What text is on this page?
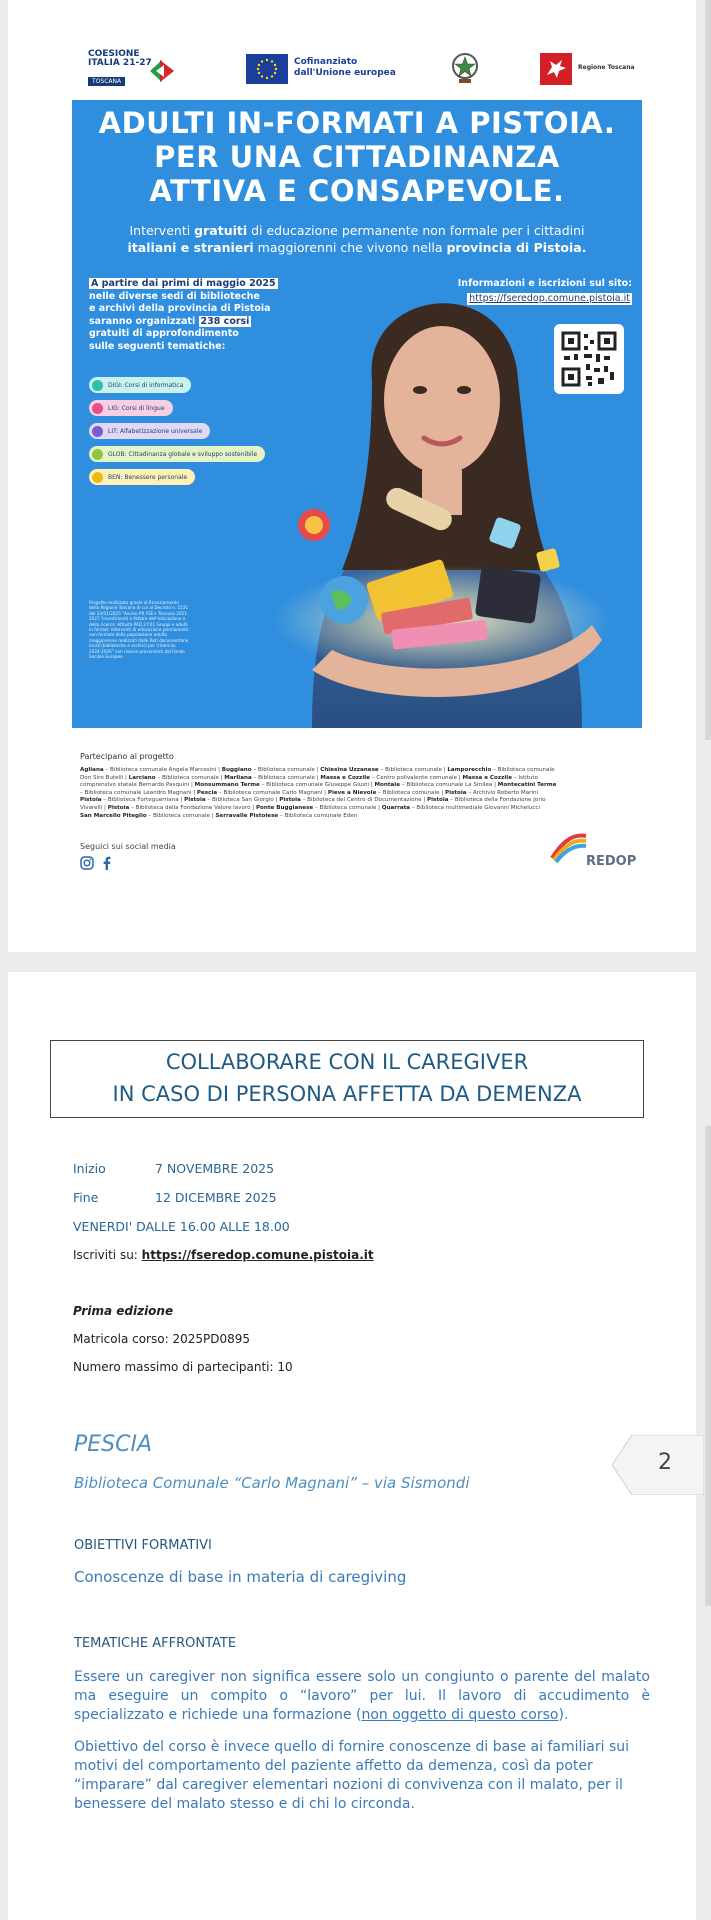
COESIONE
ITALIA 21-27
TOSCANA
Cofinanziato
dall'Unione europea
Regione Toscana
ADULTI IN-FORMATI A PISTOIA.
PER UNA CITTADINANZA
ATTIVA E CONSAPEVOLE.
Interventi gratuiti di educazione permanente non formale per i cittadini
italiani e stranieri maggiorenni che vivono nella provincia di Pistoia.
A partire dai primi di maggio 2025
nelle diverse sedi di biblioteche
e archivi della provincia di Pistoia
saranno organizzati 238 corsi
gratuiti di approfondimento
sulle seguenti tematiche:
Informazioni e iscrizioni sul sito:
https://fseredop.comune.pistoia.it
DIGI: Corsi di informatica
LIG: Corsi di lingue
LIT: Alfabetizzazione universale
GLOB: Cittadinanza globale e sviluppo sostenibile
BEN: Benessere personale
Progetto realizzato grazie al finanziamento della Regione Toscana di cui al Decreto n. 1531 del 24/01/2025 "Avviso PR FSE+ Toscana 2021-2027 'Investimenti e fattore dell'educazione e della ricerca' Attività PAD 2.f.01 Gruppi e adulti in format: interventi di educazione permanente non formale della popolazione adulta maggiorenne realizzati dalle Reti documentarie locali (biblioteche e archivi) per il biennio 2024-2026" con risorse provenienti dal Fondo Sociale Europeo
Partecipano al progetto
Agliana – Biblioteca comunale Angela Marcesini | Buggiano – Biblioteca comunale | Chiesina Uzzanese – Biblioteca comunale | Lamporecchio – Biblioteca comunale
Don Siro Butelli | Larciano – Biblioteca comunale | Marliana – Biblioteca comunale | Massa e Cozzile – Centro polivalente comunale | Massa e Cozzile – Istituto
comprensivo statale Bernardo Pasquini | Monsummano Terme – Biblioteca comunale Giuseppe Giusti | Montale – Biblioteca comunale La Smilea | Montecatini Terme
– Biblioteca comunale Leandro Magnani | Pescia – Biblioteca comunale Carlo Magnani | Pieve a Nievole – Biblioteca comunale | Pistoia – Archivio Roberto Marini
Pistoia – Biblioteca Forteguerriana | Pistoia – Biblioteca San Giorgio | Pistoia – Biblioteca del Centro di Documentazione | Pistoia – Biblioteca della Fondazione Jorio
Vivarelli | Pistoia – Biblioteca della Fondazione Valore lavoro | Ponte Buggianese – Biblioteca comunale | Quarrata – Biblioteca multimediale Giovanni Michelucci
San Marcello Piteglio – Biblioteca comunale | Serravalle Pistoiese – Biblioteca comunale Eden
Seguici sui social media
REDOP
COLLABORARE CON IL CAREGIVER
IN CASO DI PERSONA AFFETTA DA DEMENZA
Inizio	7 NOVEMBRE 2025
Fine	12 DICEMBRE 2025
VENERDI' DALLE 16.00 ALLE 18.00
Iscriviti su: https://fseredop.comune.pistoia.it
Prima edizione
Matricola corso: 2025PD0895
Numero massimo di partecipanti: 10
PESCIA
Biblioteca Comunale “Carlo Magnani” – via Sismondi
2
OBIETTIVI FORMATIVI
Conoscenze di base in materia di caregiving
TEMATICHE AFFRONTATE
Essere un caregiver non significa essere solo un congiunto o parente del malato ma eseguire un compito o “lavoro” per lui. Il lavoro di accudimento è specializzato e richiede una formazione (non oggetto di questo corso).
Obiettivo del corso è invece quello di fornire conoscenze di base ai familiari sui motivi del comportamento del paziente affetto da demenza, così da poter “imparare” dal caregiver elementari nozioni di convivenza con il malato, per il benessere del malato stesso e di chi lo circonda.
